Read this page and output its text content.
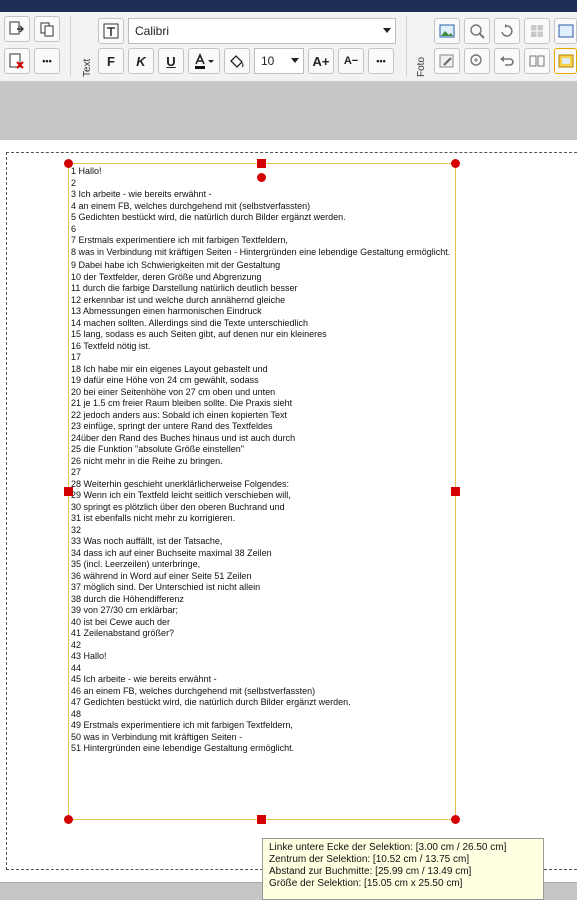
•••	Text
Calibri
F K U	10	A+ A− •••	Foto
1 Hallo!
2
3 Ich arbeite - wie bereits erwähnt -
4 an einem FB, welches durchgehend mit (selbstverfassten)
5 Gedichten bestückt wird, die natürlich durch Bilder ergänzt werden.
6
7 Erstmals experimentiere ich mit farbigen Textfeldern,
8 was in Verbindung mit kräftigen Seiten - Hintergründen eine lebendige Gestaltung ermöglicht.
9 Dabei habe ich Schwierigkeiten mit der Gestaltung
10 der Textfelder, deren Größe und Abgrenzung
11 durch die farbige Darstellung natürlich deutlich besser
12 erkennbar ist und welche durch annähernd gleiche
13 Abmessungen einen harmonischen Eindruck
14 machen sollten. Allerdings sind die Texte unterschiedlich
15 lang, sodass es auch Seiten gibt, auf denen nur ein kleineres
16 Textfeld nötig ist.
17
18 Ich habe mir ein eigenes Layout gebastelt und
19 dafür eine Höhe von 24 cm gewählt, sodass
20 bei einer Seitenhöhe von 27 cm oben und unten
21 je 1.5 cm freier Raum bleiben sollte. Die Praxis sieht
22 jedoch anders aus: Sobald ich einen kopierten Text
23 einfüge, springt der untere Rand des Textfeldes
24über den Rand des Buches hinaus und ist auch durch
25 die Funktion "absolute Größe einstellen"
26 nicht mehr in die Reihe zu bringen.
27
28 Weiterhin geschieht unerklärlicherweise Folgendes:
29 Wenn ich ein Textfeld leicht seitlich verschieben will,
30 springt es plötzlich über den oberen Buchrand und
31 ist ebenfalls nicht mehr zu korrigieren.
32
33 Was noch auffällt, ist der Tatsache,
34 dass ich auf einer Buchseite maximal 38 Zeilen
35 (incl. Leerzeilen) unterbringe,
36 während in Word auf einer Seite 51 Zeilen
37 möglich sind. Der Unterschied ist nicht allein
38 durch die Höhendifferenz
39 von 27/30 cm erklärbar;
40 ist bei Cewe auch der
41 Zeilenabstand größer?
42
43 Hallo!
44
45 Ich arbeite - wie bereits erwähnt -
46 an einem FB, welches durchgehend mit (selbstverfassten)
47 Gedichten bestückt wird, die natürlich durch Bilder ergänzt werden.
48
49 Erstmals experimentiere ich mit farbigen Textfeldern,
50 was in Verbindung mit kräftigen Seiten -
51 Hintergründen eine lebendige Gestaltung ermöglicht.
Linke untere Ecke der Selektion: [3.00 cm / 26.50 cm]
Zentrum der Selektion: [10.52 cm / 13.75 cm]
Abstand zur Buchmitte: [25.99 cm / 13.49 cm]
Größe der Selektion: [15.05 cm x 25.50 cm]
